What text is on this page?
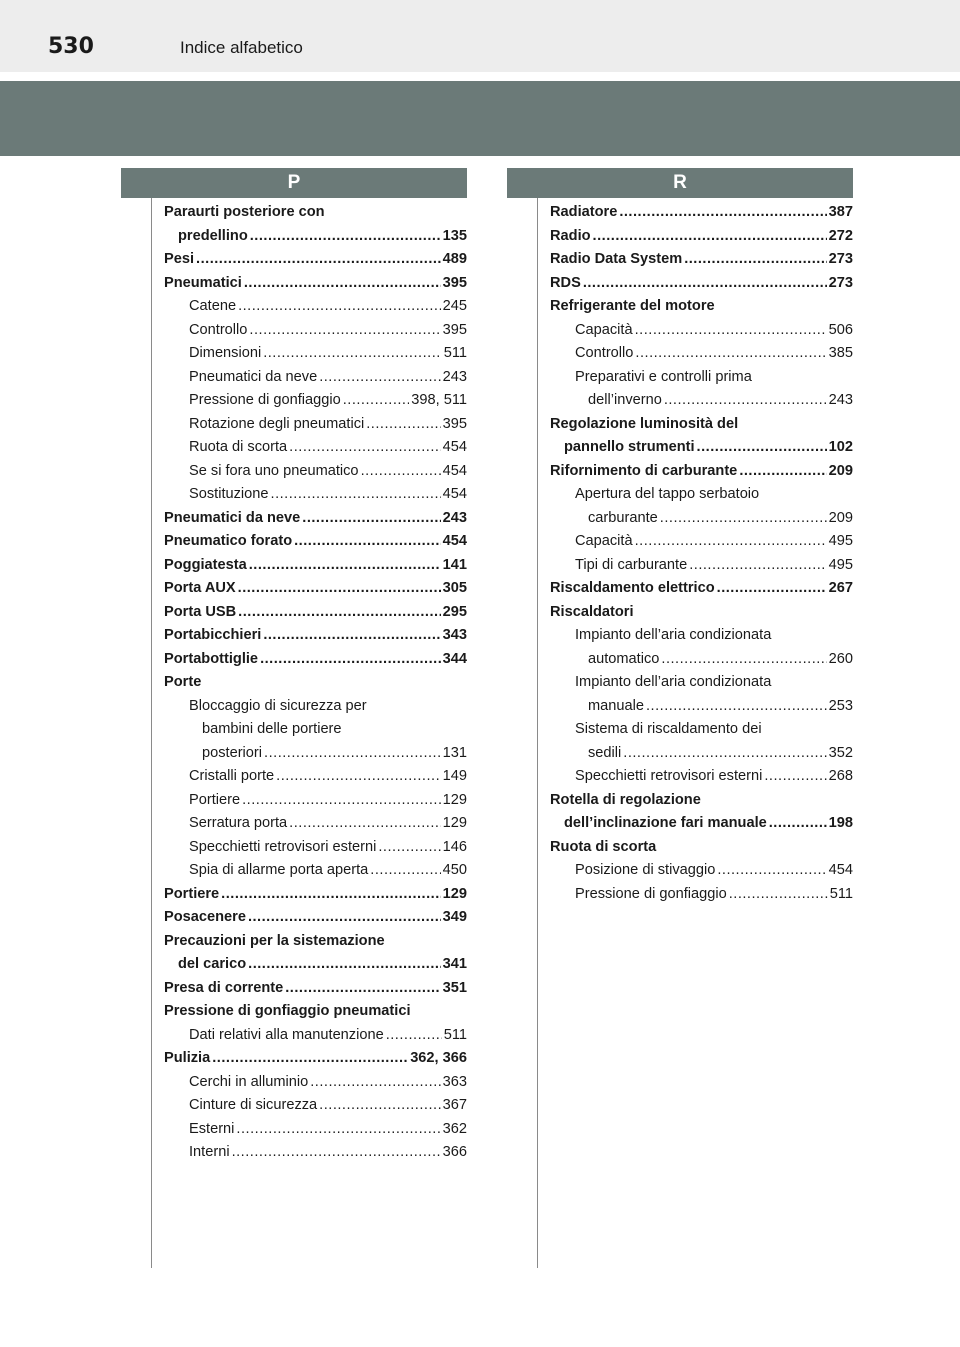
530	Indice alfabetico
P	R
Paraurti posteriore con
predellino .....	135
Pesi .....	489
Pneumatici .....	395
Catene .....	245
Controllo .....	395
Dimensioni .....	511
Pneumatici da neve .....	243
Pressione di gonfiaggio .....	398, 511
Rotazione degli pneumatici .....	395
Ruota di scorta .....	454
Se si fora uno pneumatico .....	454
Sostituzione .....	454
Pneumatici da neve .....	243
Pneumatico forato .....	454
Poggiatesta .....	141
Porta AUX .....	305
Porta USB .....	295
Portabicchieri .....	343
Portabottiglie .....	344
Porte
Bloccaggio di sicurezza per
bambini delle portiere
posteriori .....	131
Cristalli porte .....	149
Portiere .....	129
Serratura porta .....	129
Specchietti retrovisori esterni .....	146
Spia di allarme porta aperta .....	450
Portiere .....	129
Posacenere .....	349
Precauzioni per la sistemazione
del carico .....	341
Presa di corrente .....	351
Pressione di gonfiaggio pneumatici
Dati relativi alla manutenzione .....	511
Pulizia .....	362, 366
Cerchi in alluminio .....	363
Cinture di sicurezza .....	367
Esterni .....	362
Interni .....	366
Radiatore .....	387
Radio .....	272
Radio Data System .....	273
RDS .....	273
Refrigerante del motore
Capacità .....	506
Controllo .....	385
Preparativi e controlli prima
dell’inverno .....	243
Regolazione luminosità del
pannello strumenti .....	102
Rifornimento di carburante .....	209
Apertura del tappo serbatoio
carburante .....	209
Capacità .....	495
Tipi di carburante .....	495
Riscaldamento elettrico .....	267
Riscaldatori
Impianto dell’aria condizionata
automatico .....	260
Impianto dell’aria condizionata
manuale .....	253
Sistema di riscaldamento dei
sedili .....	352
Specchietti retrovisori esterni .....	268
Rotella di regolazione
dell’inclinazione fari manuale .....	198
Ruota di scorta
Posizione di stivaggio .....	454
Pressione di gonfiaggio .....	511
